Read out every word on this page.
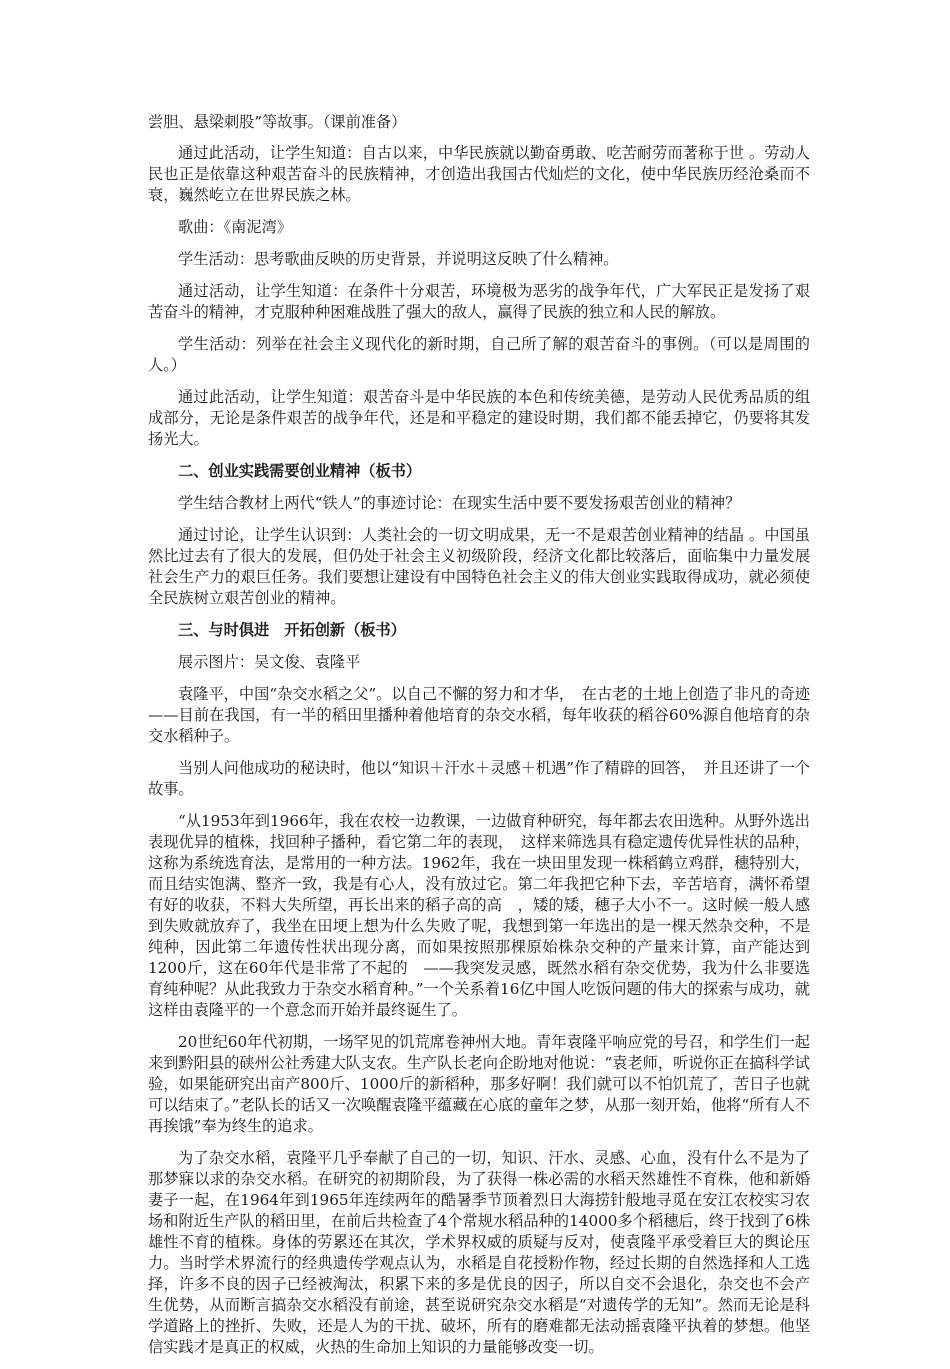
尝胆、悬梁刺股”等故事。（课前准备）

通过此活动，让学生知道：自古以来，中华民族就以勤奋勇敢、吃苦耐劳而著称于世 。劳动人民也正是依靠这种艰苦奋斗的民族精神，才创造出我国古代灿烂的文化，使中华民族历经沧桑而不衰，巍然屹立在世界民族之林。

歌曲：《南泥湾》

学生活动：思考歌曲反映的历史背景，并说明这反映了什么精神。

通过活动，让学生知道：在条件十分艰苦，环境极为恶劣的战争年代，广大军民正是发扬了艰苦奋斗的精神，才克服种种困难战胜了强大的敌人，赢得了民族的独立和人民的解放。

学生活动：列举在社会主义现代化的新时期，自己所了解的艰苦奋斗的事例。（可以是周围的人。）

通过此活动，让学生知道：艰苦奋斗是中华民族的本色和传统美德，是劳动人民优秀品质的组成部分，无论是条件艰苦的战争年代，还是和平稳定的建设时期，我们都不能丢掉它，仍要将其发扬光大。

二、创业实践需要创业精神（板书）

学生结合教材上两代“铁人”的事迹讨论：在现实生活中要不要发扬艰苦创业的精神？

通过讨论，让学生认识到：人类社会的一切文明成果，无一不是艰苦创业精神的结晶 。中国虽然比过去有了很大的发展，但仍处于社会主义初级阶段，经济文化都比较落后，面临集中力量发展社会生产力的艰巨任务。我们要想让建设有中国特色社会主义的伟大创业实践取得成功，就必须使全民族树立艰苦创业的精神。

三、与时俱进　开拓创新（板书）

展示图片：吴文俊、袁隆平

袁隆平，中国“杂交水稻之父”。以自己不懈的努力和才华，　在古老的土地上创造了非凡的奇迹——目前在我国，有一半的稻田里播种着他培育的杂交水稻，每年收获的稻谷60%源自他培育的杂交水稻种子。

当别人问他成功的秘诀时，他以“知识＋汗水＋灵感＋机遇”作了精辟的回答，　并且还讲了一个故事。

“从1953年到1966年，我在农校一边教课，一边做育种研究，每年都去农田选种。从野外选出表现优异的植株，找回种子播种，看它第二年的表现，　这样来筛选具有稳定遗传优异性状的品种，这称为系统选育法，是常用的一种方法。1962年，我在一块田里发现一株稻鹤立鸡群，穗特别大，而且结实饱满、整齐一致，我是有心人，没有放过它。第二年我把它种下去，辛苦培育，满怀希望有好的收获，不料大失所望，再长出来的稻子高的高　，矮的矮，穗子大小不一。这时候一般人感到失败就放弃了，我坐在田埂上想为什么失败了呢，我想到第一年选出的是一棵天然杂交种，不是纯种，因此第二年遗传性状出现分离，而如果按照那棵原始株杂交种的产量来计算，亩产能达到1200斤，这在60年代是非常了不起的　——我突发灵感，既然水稻有杂交优势，我为什么非要选育纯种呢？从此我致力于杂交水稻育种。”一个关系着16亿中国人吃饭问题的伟大的探索与成功，就这样由袁隆平的一个意念而开始并最终诞生了。

20世纪60年代初期，一场罕见的饥荒席卷神州大地。青年袁隆平响应党的号召，和学生们一起来到黔阳县的硖州公社秀建大队支农。生产队长老向企盼地对他说：“袁老师，听说你正在搞科学试验，如果能研究出亩产800斤、1000斤的新稻种，那多好啊！我们就可以不怕饥荒了，苦日子也就可以结束了。”老队长的话又一次唤醒袁隆平蕴藏在心底的童年之梦，从那一刻开始，他将“所有人不再挨饿”奉为终生的追求。

为了杂交水稻，袁隆平几乎奉献了自己的一切，知识、汗水、灵感、心血，没有什么不是为了那梦寐以求的杂交水稻。在研究的初期阶段，为了获得一株必需的水稻天然雄性不育株，他和新婚妻子一起，在1964年到1965年连续两年的酷暑季节顶着烈日大海捞针般地寻觅在安江农校实习农场和附近生产队的稻田里，在前后共检查了4个常规水稻品种的14000多个稻穗后，终于找到了6株雄性不育的植株。身体的劳累还在其次，学术界权威的质疑与反对，使袁隆平承受着巨大的舆论压力。当时学术界流行的经典遗传学观点认为，水稻是自花授粉作物，经过长期的自然选择和人工选择，许多不良的因子已经被淘汰，积累下来的多是优良的因子，所以自交不会退化，杂交也不会产生优势，从而断言搞杂交水稻没有前途，甚至说研究杂交水稻是“对遗传学的无知”。然而无论是科学道路上的挫折、失败，还是人为的干扰、破坏，所有的磨难都无法动摇袁隆平执着的梦想。他坚信实践才是真正的权威，火热的生命加上知识的力量能够改变一切。
